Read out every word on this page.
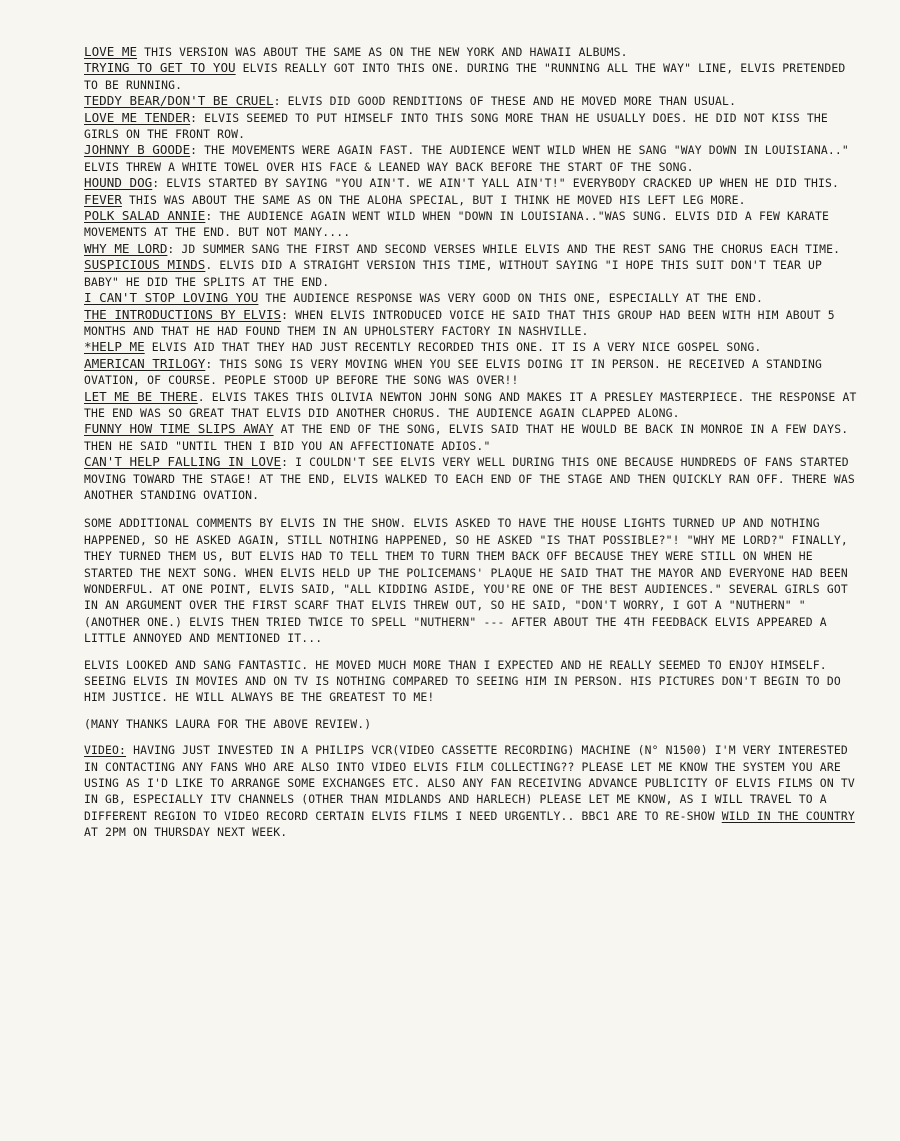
LOVE ME THIS VERSION WAS ABOUT THE SAME AS ON THE NEW YORK AND HAWAII ALBUMS.

TRYING TO GET TO YOU ELVIS REALLY GOT INTO THIS ONE. DURING THE "RUNNING ALL THE WAY" LINE, ELVIS PRETENDED TO BE RUNNING.

TEDDY BEAR/DON'T BE CRUEL: ELVIS DID GOOD RENDITIONS OF THESE AND HE MOVED MORE THAN USUAL.

LOVE ME TENDER: ELVIS SEEMED TO PUT HIMSELF INTO THIS SONG MORE THAN HE USUALLY DOES. HE DID NOT KISS THE GIRLS ON THE FRONT ROW.

JOHNNY B GOODE: THE MOVEMENTS WERE AGAIN FAST. THE AUDIENCE WENT WILD WHEN HE SANG "WAY DOWN IN LOUISIANA.." ELVIS THREW A WHITE TOWEL OVER HIS FACE & LEANED WAY BACK BEFORE THE START OF THE SONG.

HOUND DOG: ELVIS STARTED BY SAYING "YOU AIN'T. WE AIN'T YALL AIN'T!" EVERYBODY CRACKED UP WHEN HE DID THIS.

FEVER THIS WAS ABOUT THE SAME AS ON THE ALOHA SPECIAL, BUT I THINK HE MOVED HIS LEFT LEG MORE.

POLK SALAD ANNIE: THE AUDIENCE AGAIN WENT WILD WHEN "DOWN IN LOUISIANA.."WAS SUNG. ELVIS DID A FEW KARATE MOVEMENTS AT THE END. BUT NOT MANY....

WHY ME LORD: JD SUMMER SANG THE FIRST AND SECOND VERSES WHILE ELVIS AND THE REST SANG THE CHORUS EACH TIME.

SUSPICIOUS MINDS. ELVIS DID A STRAIGHT VERSION THIS TIME, WITHOUT SAYING "I HOPE THIS SUIT DON'T TEAR UP BABY" HE DID THE SPLITS AT THE END.

I CAN'T STOP LOVING YOU THE AUDIENCE RESPONSE WAS VERY GOOD ON THIS ONE, ESPECIALLY AT THE END.

THE INTRODUCTIONS BY ELVIS: WHEN ELVIS INTRODUCED VOICE HE SAID THAT THIS GROUP HAD BEEN WITH HIM ABOUT 5 MONTHS AND THAT HE HAD FOUND THEM IN AN UPHOLSTERY FACTORY IN NASHVILLE.

*HELP ME ELVIS AID THAT THEY HAD JUST RECENTLY RECORDED THIS ONE. IT IS A VERY NICE GOSPEL SONG.

AMERICAN TRILOGY: THIS SONG IS VERY MOVING WHEN YOU SEE ELVIS DOING IT IN PERSON. HE RECEIVED A STANDING OVATION, OF COURSE. PEOPLE STOOD UP BEFORE THE SONG WAS OVER!!

LET ME BE THERE. ELVIS TAKES THIS OLIVIA NEWTON JOHN SONG AND MAKES IT A PRESLEY MASTERPIECE. THE RESPONSE AT THE END WAS SO GREAT THAT ELVIS DID ANOTHER CHORUS. THE AUDIENCE AGAIN CLAPPED ALONG.

FUNNY HOW TIME SLIPS AWAY AT THE END OF THE SONG, ELVIS SAID THAT HE WOULD BE BACK IN MONROE IN A FEW DAYS. THEN HE SAID "UNTIL THEN I BID YOU AN AFFECTIONATE ADIOS."

CAN'T HELP FALLING IN LOVE: I COULDN'T SEE ELVIS VERY WELL DURING THIS ONE BECAUSE HUNDREDS OF FANS STARTED MOVING TOWARD THE STAGE! AT THE END, ELVIS WALKED TO EACH END OF THE STAGE AND THEN QUICKLY RAN OFF. THERE WAS ANOTHER STANDING OVATION.

SOME ADDITIONAL COMMENTS BY ELVIS IN THE SHOW. ELVIS ASKED TO HAVE THE HOUSE LIGHTS TURNED UP AND NOTHING HAPPENED, SO HE ASKED AGAIN, STILL NOTHING HAPPENED, SO HE ASKED "IS THAT POSSIBLE?"! "WHY ME LORD?" FINALLY, THEY TURNED THEM US, BUT ELVIS HAD TO TELL THEM TO TURN THEM BACK OFF BECAUSE THEY WERE STILL ON WHEN HE STARTED THE NEXT SONG. WHEN ELVIS HELD UP THE POLICEMANS' PLAQUE HE SAID THAT THE MAYOR AND EVERYONE HAD BEEN WONDERFUL. AT ONE POINT, ELVIS SAID, "ALL KIDDING ASIDE, YOU'RE ONE OF THE BEST AUDIENCES." SEVERAL GIRLS GOT IN AN ARGUMENT OVER THE FIRST SCARF THAT ELVIS THREW OUT, SO HE SAID, "DON'T WORRY, I GOT A "NUTHERN" " (ANOTHER ONE.) ELVIS THEN TRIED TWICE TO SPELL "NUTHERN" --- AFTER ABOUT THE 4TH FEEDBACK ELVIS APPEARED A LITTLE ANNOYED AND MENTIONED IT...

ELVIS LOOKED AND SANG FANTASTIC. HE MOVED MUCH MORE THAN I EXPECTED AND HE REALLY SEEMED TO ENJOY HIMSELF. SEEING ELVIS IN MOVIES AND ON TV IS NOTHING COMPARED TO SEEING HIM IN PERSON. HIS PICTURES DON'T BEGIN TO DO HIM JUSTICE. HE WILL ALWAYS BE THE GREATEST TO ME!

(MANY THANKS LAURA FOR THE ABOVE REVIEW.)

VIDEO: HAVING JUST INVESTED IN A PHILIPS VCR(VIDEO CASSETTE RECORDING) MACHINE (N° N1500) I'M VERY INTERESTED IN CONTACTING ANY FANS WHO ARE ALSO INTO VIDEO ELVIS FILM COLLECTING?? PLEASE LET ME KNOW THE SYSTEM YOU ARE USING AS I'D LIKE TO ARRANGE SOME EXCHANGES ETC. ALSO ANY FAN RECEIVING ADVANCE PUBLICITY OF ELVIS FILMS ON TV IN GB, ESPECIALLY ITV CHANNELS (OTHER THAN MIDLANDS AND HARLECH) PLEASE LET ME KNOW, AS I WILL TRAVEL TO A DIFFERENT REGION TO VIDEO RECORD CERTAIN ELVIS FILMS I NEED URGENTLY.. BBC1 ARE TO RE-SHOW WILD IN THE COUNTRY AT 2PM ON THURSDAY NEXT WEEK.
